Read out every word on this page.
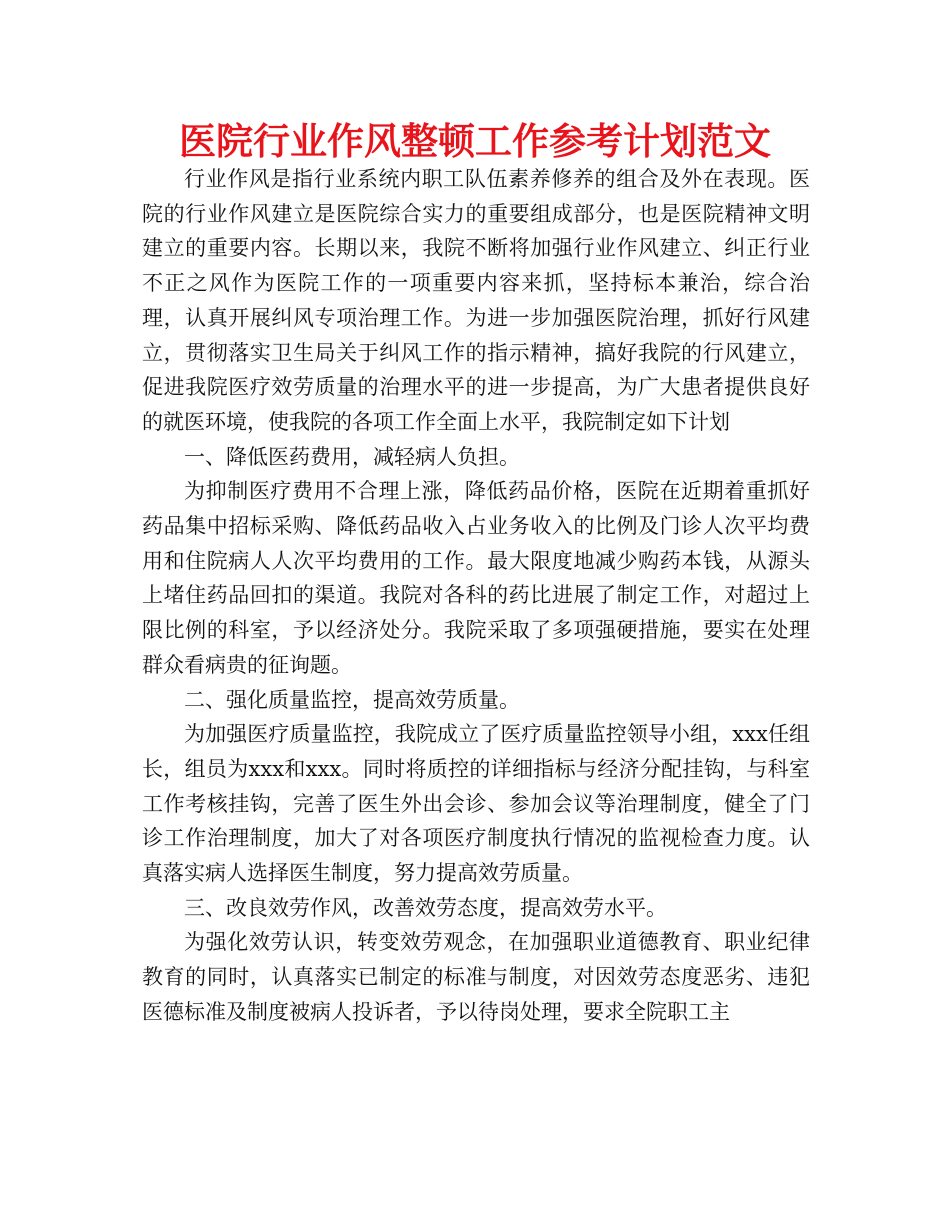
医院行业作风整顿工作参考计划范文

行业作风是指行业系统内职工队伍素养修养的组合及外在表现。医院的行业作风建立是医院综合实力的重要组成部分，也是医院精神文明建立的重要内容。长期以来，我院不断将加强行业作风建立、纠正行业不正之风作为医院工作的一项重要内容来抓，坚持标本兼治，综合治理，认真开展纠风专项治理工作。为进一步加强医院治理，抓好行风建立，贯彻落实卫生局关于纠风工作的指示精神，搞好我院的行风建立，促进我院医疗效劳质量的治理水平的进一步提高，为广大患者提供良好的就医环境，使我院的各项工作全面上水平，我院制定如下计划

一、降低医药费用，减轻病人负担。

为抑制医疗费用不合理上涨，降低药品价格，医院在近期着重抓好药品集中招标采购、降低药品收入占业务收入的比例及门诊人次平均费用和住院病人人次平均费用的工作。最大限度地减少购药本钱，从源头上堵住药品回扣的渠道。我院对各科的药比进展了制定工作，对超过上限比例的科室，予以经济处分。我院采取了多项强硬措施，要实在处理群众看病贵的征询题。

二、强化质量监控，提高效劳质量。

为加强医疗质量监控，我院成立了医疗质量监控领导小组，xxx任组长，组员为xxx和xxx。同时将质控的详细指标与经济分配挂钩，与科室工作考核挂钩，完善了医生外出会诊、参加会议等治理制度，健全了门诊工作治理制度，加大了对各项医疗制度执行情况的监视检查力度。认真落实病人选择医生制度，努力提高效劳质量。

三、改良效劳作风，改善效劳态度，提高效劳水平。

为强化效劳认识，转变效劳观念，在加强职业道德教育、职业纪律教育的同时，认真落实已制定的标准与制度，对因效劳态度恶劣、违犯医德标准及制度被病人投诉者，予以待岗处理，要求全院职工主
